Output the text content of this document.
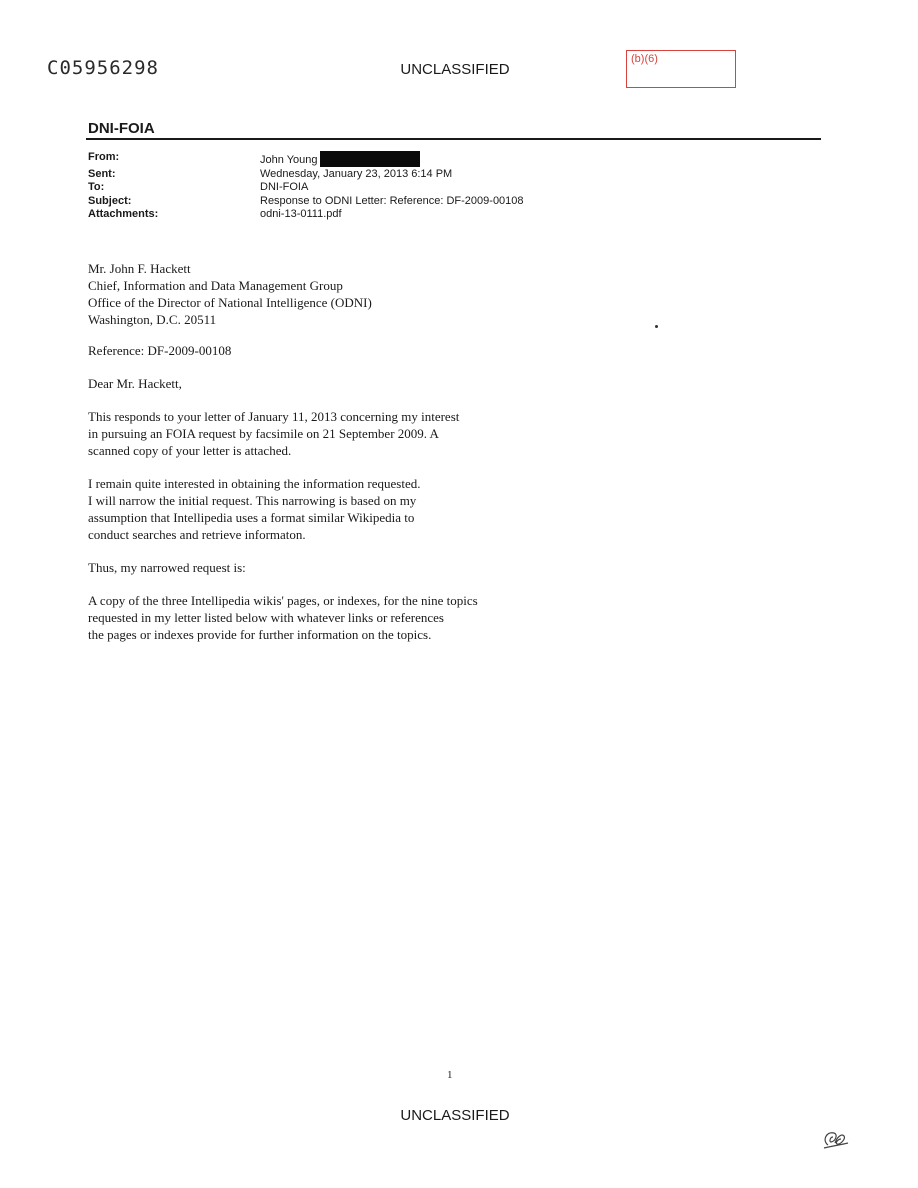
C05956298	UNCLASSIFIED
(b)(6)
DNI-FOIA
From:	John Young
Sent:	Wednesday, January 23, 2013 6:14 PM
To:	DNI-FOIA
Subject:	Response to ODNI Letter: Reference: DF-2009-00108
Attachments:	odni-13-0111.pdf

Mr. John F. Hackett
Chief, Information and Data Management Group
Office of the Director of National Intelligence (ODNI)
Washington, D.C. 20511

Reference: DF-2009-00108

Dear Mr. Hackett,

This responds to your letter of January 11, 2013 concerning my interest
in pursuing an FOIA request by facsimile on 21 September 2009. A
scanned copy of your letter is attached.

I remain quite interested in obtaining the information requested.
I will narrow the initial request. This narrowing is based on my
assumption that Intellipedia uses a format similar Wikipedia to
conduct searches and retrieve informaton.

Thus, my narrowed request is:

A copy of the three Intellipedia wikis' pages, or indexes, for the nine topics
requested in my letter listed below with whatever links or references
the pages or indexes provide for further information on the topics.

1
UNCLASSIFIED
